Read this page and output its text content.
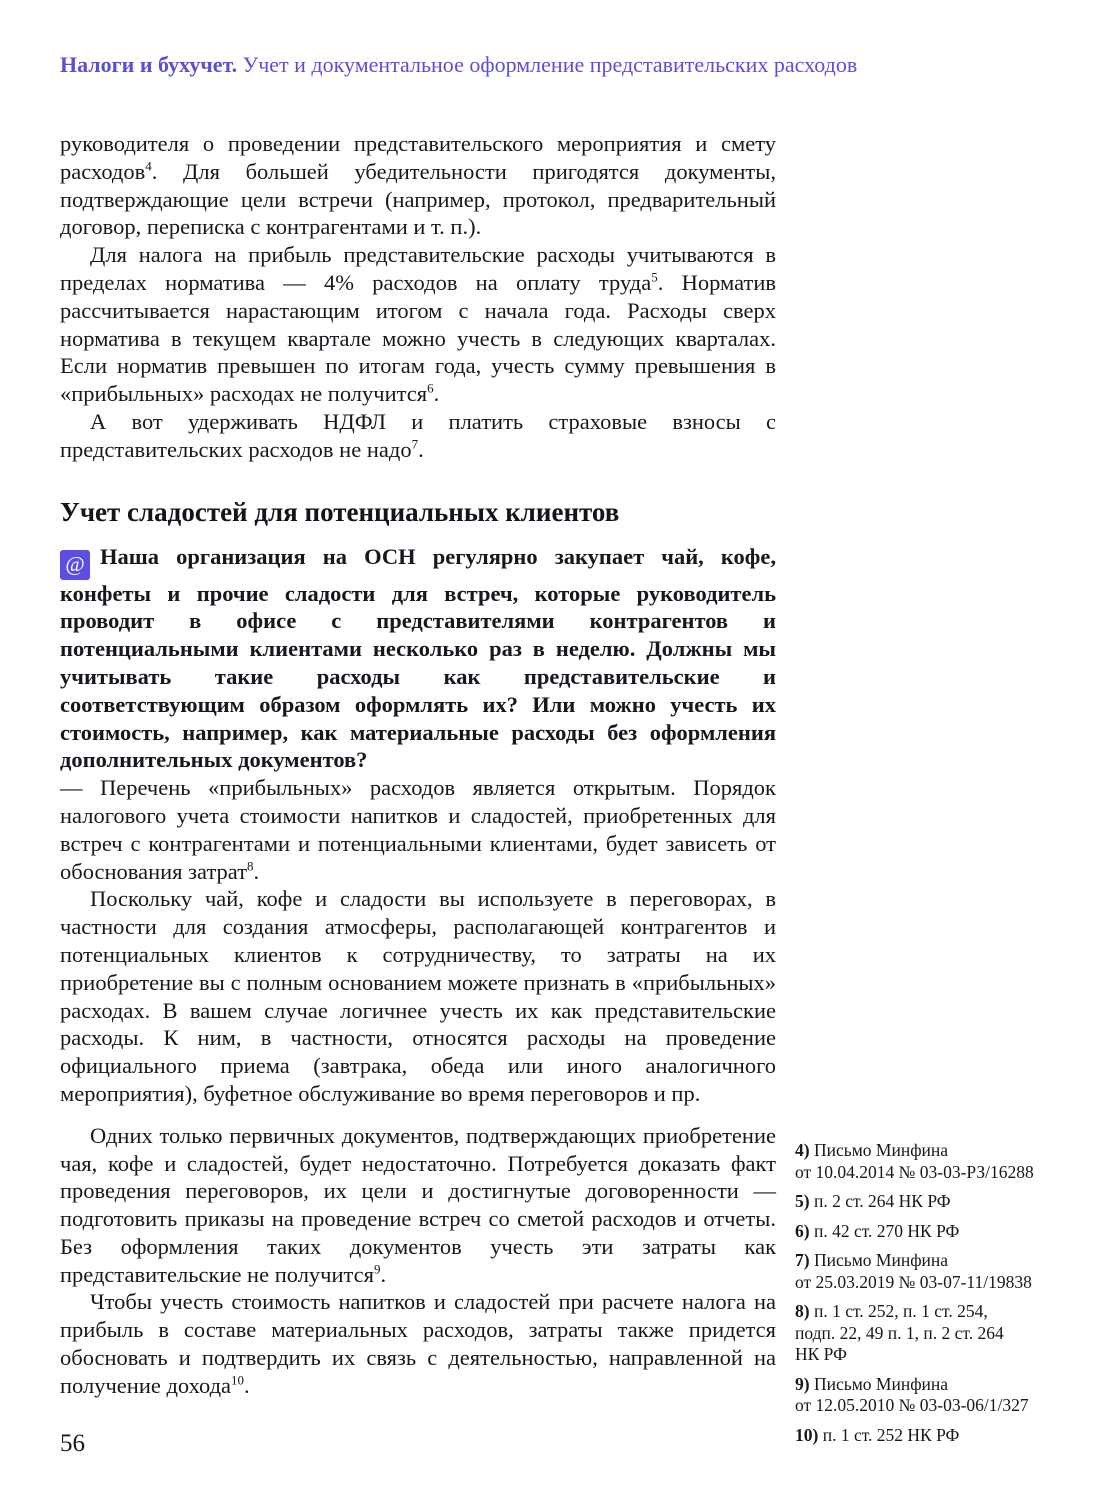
Налоги и бухучет. Учет и документальное оформление представительских расходов

руководителя о проведении представительского мероприятия и смету расходов$^4$. Для большей убедительности пригодятся документы, подтверждающие цели встречи (например, протокол, предварительный договор, переписка с контрагентами и т. п.).

Для налога на прибыль представительские расходы учитываются в пределах норматива — 4% расходов на оплату труда$^5$. Норматив рассчитывается нарастающим итогом с начала года. Расходы сверх норматива в текущем квартале можно учесть в следующих кварталах. Если норматив превышен по итогам года, учесть сумму превышения в «прибыльных» расходах не получится$^6$.

А вот удерживать НДФЛ и платить страховые взносы с представительских расходов не надо$^7$.

Учет сладостей для потенциальных клиентов

@ Наша организация на ОСН регулярно закупает чай, кофе, конфеты и прочие сладости для встреч, которые руководитель проводит в офисе с представителями контрагентов и потенциальными клиентами несколько раз в неделю. Должны мы учитывать такие расходы как представительские и соответствующим образом оформлять их? Или можно учесть их стоимость, например, как материальные расходы без оформления дополнительных документов?

— Перечень «прибыльных» расходов является открытым. Порядок налогового учета стоимости напитков и сладостей, приобретенных для встреч с контрагентами и потенциальными клиентами, будет зависеть от обоснования затрат$^8$.

Поскольку чай, кофе и сладости вы используете в переговорах, в частности для создания атмосферы, располагающей контрагентов и потенциальных клиентов к сотрудничеству, то затраты на их приобретение вы с полным основанием можете признать в «прибыльных» расходах. В вашем случае логичнее учесть их как представительские расходы. К ним, в частности, относятся расходы на проведение официального приема (завтрака, обеда или иного аналогичного мероприятия), буфетное обслуживание во время переговоров и пр.

Одних только первичных документов, подтверждающих приобретение чая, кофе и сладостей, будет недостаточно. Потребуется доказать факт проведения переговоров, их цели и достигнутые договоренности — подготовить приказы на проведение встреч со сметой расходов и отчеты. Без оформления таких документов учесть эти затраты как представительские не получится$^9$.

Чтобы учесть стоимость напитков и сладостей при расчете налога на прибыль в составе материальных расходов, затраты также придется обосновать и подтвердить их связь с деятельностью, направленной на получение дохода$^{10}$.

4) Письмо Минфина
от 10.04.2014 № 03-03-РЗ/16288

5) п. 2 ст. 264 НК РФ

6) п. 42 ст. 270 НК РФ

7) Письмо Минфина
от 25.03.2019 № 03-07-11/19838

8) п. 1 ст. 252, п. 1 ст. 254,
подп. 22, 49 п. 1, п. 2 ст. 264
НК РФ

9) Письмо Минфина
от 12.05.2010 № 03-03-06/1/327

10) п. 1 ст. 252 НК РФ

56
